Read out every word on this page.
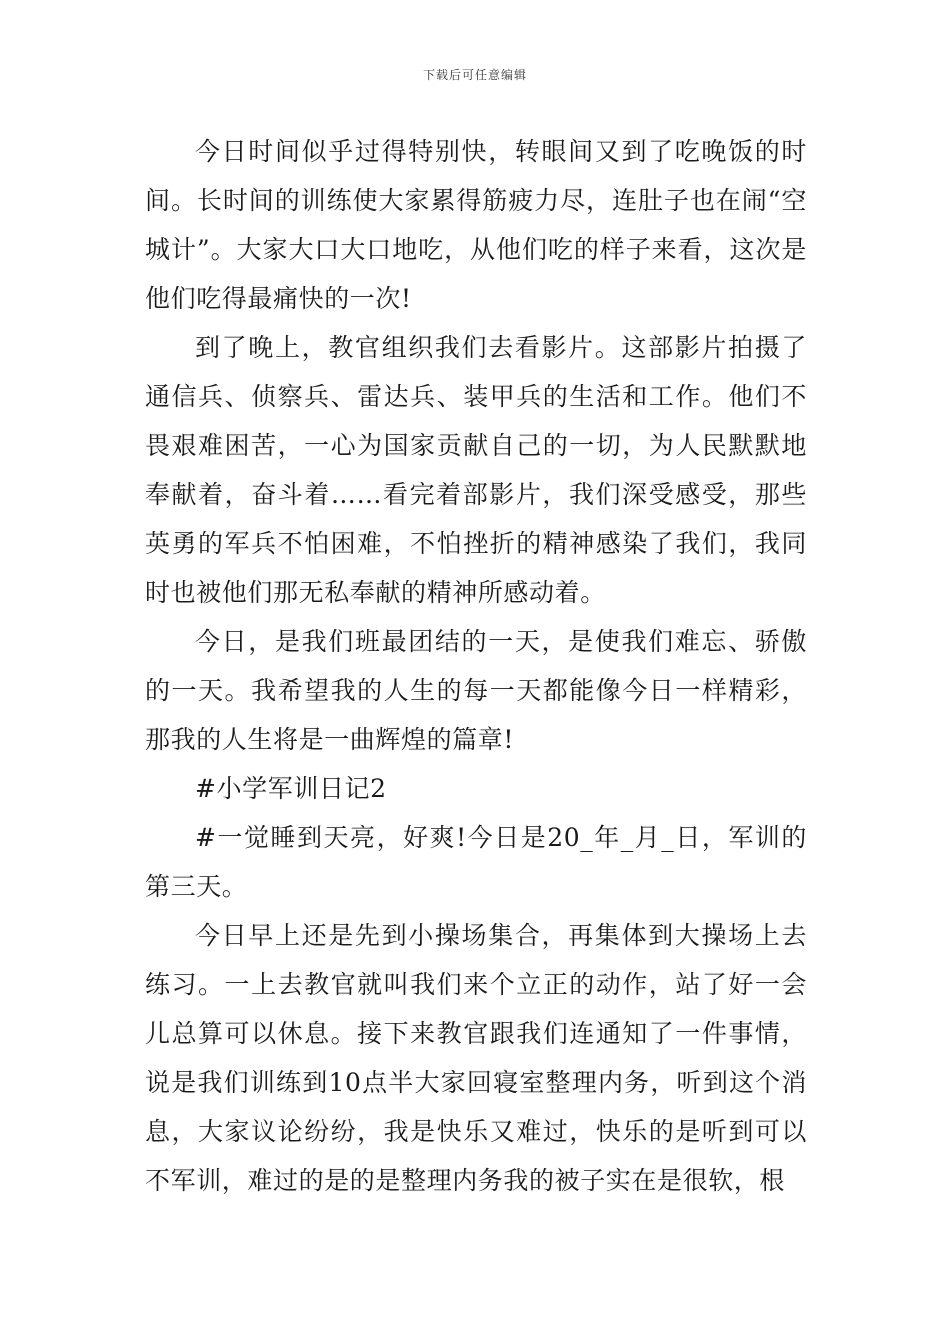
下载后可任意编辑

今日时间似乎过得特别快，转眼间又到了吃晚饭的时间。长时间的训练使大家累得筋疲力尽，连肚子也在闹“空城计”。大家大口大口地吃，从他们吃的样子来看，这次是他们吃得最痛快的一次!

到了晚上，教官组织我们去看影片。这部影片拍摄了通信兵、侦察兵、雷达兵、装甲兵的生活和工作。他们不畏艰难困苦，一心为国家贡献自己的一切，为人民默默地奉献着，奋斗着……看完着部影片，我们深受感受，那些英勇的军兵不怕困难，不怕挫折的精神感染了我们，我同时也被他们那无私奉献的精神所感动着。

今日，是我们班最团结的一天，是使我们难忘、骄傲的一天。我希望我的人生的每一天都能像今日一样精彩，那我的人生将是一曲辉煌的篇章!

#小学军训日记2

#一觉睡到天亮，好爽!今日是20_年_月_日，军训的第三天。

今日早上还是先到小操场集合，再集体到大操场上去练习。一上去教官就叫我们来个立正的动作，站了好一会儿总算可以休息。接下来教官跟我们连通知了一件事情，说是我们训练到10点半大家回寝室整理内务，听到这个消息，大家议论纷纷，我是快乐又难过，快乐的是听到可以不军训，难过的是的是整理内务我的被子实在是很软，根
